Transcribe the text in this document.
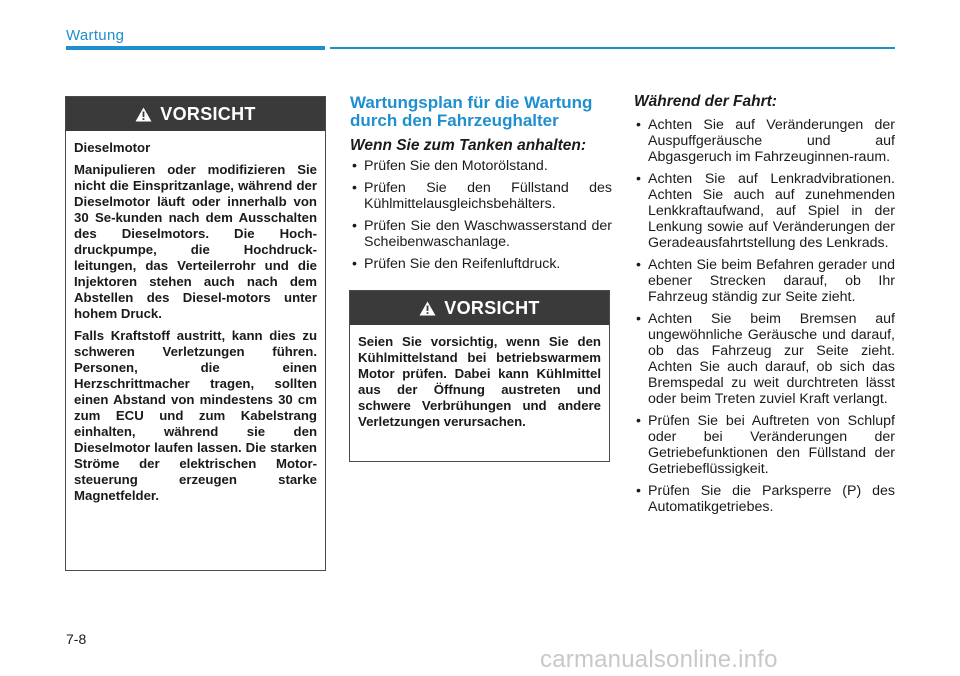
Wartung
VORSICHT

Dieselmotor

Manipulieren oder modifizieren Sie nicht die Einspritzanlage, während der Dieselmotor läuft oder innerhalb von 30 Se-kunden nach dem Ausschalten des Dieselmotors. Die Hoch-druckpumpe, die Hochdruck-leitungen, das Verteilerrohr und die Injektoren stehen auch nach dem Abstellen des Diesel-motors unter hohem Druck.

Falls Kraftstoff austritt, kann dies zu schweren Verletzungen führen. Personen, die einen Herzschrittmacher tragen, sollten einen Abstand von mindestens 30 cm zum ECU und zum Kabelstrang einhalten, während sie den Dieselmotor laufen lassen. Die starken Ströme der elektrischen Motor-steuerung erzeugen starke Magnetfelder.

Wartungsplan für die Wartung durch den Fahrzeughalter
Wenn Sie zum Tanken anhalten:
• Prüfen Sie den Motorölstand.
• Prüfen Sie den Füllstand des Kühlmittelausgleichsbehälters.
• Prüfen Sie den Waschwasserstand der Scheibenwaschanlage.
• Prüfen Sie den Reifenluftdruck.
VORSICHT

Seien Sie vorsichtig, wenn Sie den Kühlmittelstand bei betriebswarmem Motor prüfen. Dabei kann Kühlmittel aus der Öffnung austreten und schwere Verbrühungen und andere Verletzungen verursachen.

Während der Fahrt:
• Achten Sie auf Veränderungen der Auspuffgeräusche und auf Abgasgeruch im Fahrzeuginnen-raum.
• Achten Sie auf Lenkradvibrationen. Achten Sie auch auf zunehmenden Lenkkraftaufwand, auf Spiel in der Lenkung sowie auf Veränderungen der Geradeausfahrtstellung des Lenkrads.
• Achten Sie beim Befahren gerader und ebener Strecken darauf, ob Ihr Fahrzeug ständig zur Seite zieht.
• Achten Sie beim Bremsen auf ungewöhnliche Geräusche und darauf, ob das Fahrzeug zur Seite zieht. Achten Sie auch darauf, ob sich das Bremspedal zu weit durchtreten lässt oder beim Treten zuviel Kraft verlangt.
• Prüfen Sie bei Auftreten von Schlupf oder bei Veränderungen der Getriebefunktionen den Füllstand der Getriebeflüssigkeit.
• Prüfen Sie die Parksperre (P) des Automatikgetriebes.
7-8
carmanualsonline.info
